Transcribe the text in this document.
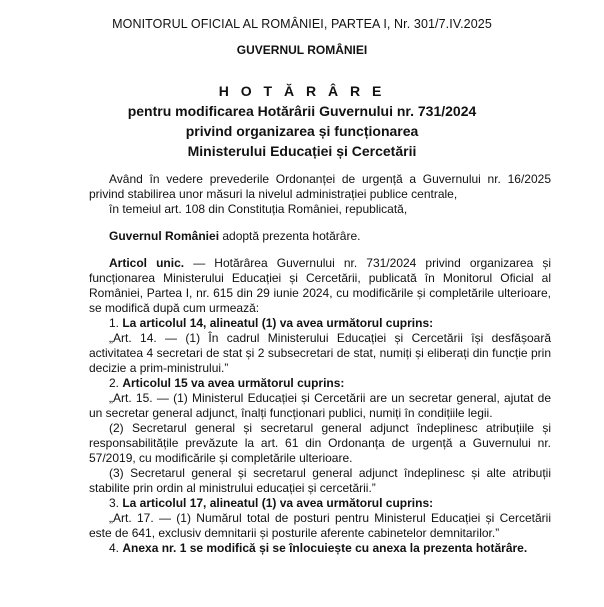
MONITORUL OFICIAL AL ROMÂNIEI, PARTEA I, Nr. 301/7.IV.2025
GUVERNUL ROMÂNIEI
H O T Ă R Â R E
pentru modificarea Hotărârii Guvernului nr. 731/2024
privind organizarea și funcționarea
Ministerului Educației și Cercetării

Având în vedere prevederile Ordonanței de urgență a Guvernului nr. 16/2025 privind stabilirea unor măsuri la nivelul administrației publice centrale,

în temeiul art. 108 din Constituția României, republicată,

Guvernul României adoptă prezenta hotărâre.

Articol unic. — Hotărârea Guvernului nr. 731/2024 privind organizarea și funcționarea Ministerului Educației și Cercetării, publicată în Monitorul Oficial al României, Partea I, nr. 615 din 29 iunie 2024, cu modificările și completările ulterioare, se modifică după cum urmează:

1. La articolul 14, alineatul (1) va avea următorul cuprins:

„Art. 14. — (1) În cadrul Ministerului Educației și Cercetării își desfășoară activitatea 4 secretari de stat și 2 subsecretari de stat, numiți și eliberați din funcție prin decizie a prim-ministrului.”

2. Articolul 15 va avea următorul cuprins:

„Art. 15. — (1) Ministerul Educației și Cercetării are un secretar general, ajutat de un secretar general adjunct, înalți funcționari publici, numiți în condițiile legii.

(2) Secretarul general și secretarul general adjunct îndeplinesc atribuțiile și responsabilitățile prevăzute la art. 61 din Ordonanța de urgență a Guvernului nr. 57/2019, cu modificările și completările ulterioare.

(3) Secretarul general și secretarul general adjunct îndeplinesc și alte atribuții stabilite prin ordin al ministrului educației și cercetării.”

3. La articolul 17, alineatul (1) va avea următorul cuprins:

„Art. 17. — (1) Numărul total de posturi pentru Ministerul Educației și Cercetării este de 641, exclusiv demnitarii și posturile aferente cabinetelor demnitarilor.”

4. Anexa nr. 1 se modifică și se înlocuiește cu anexa la prezenta hotărâre.
